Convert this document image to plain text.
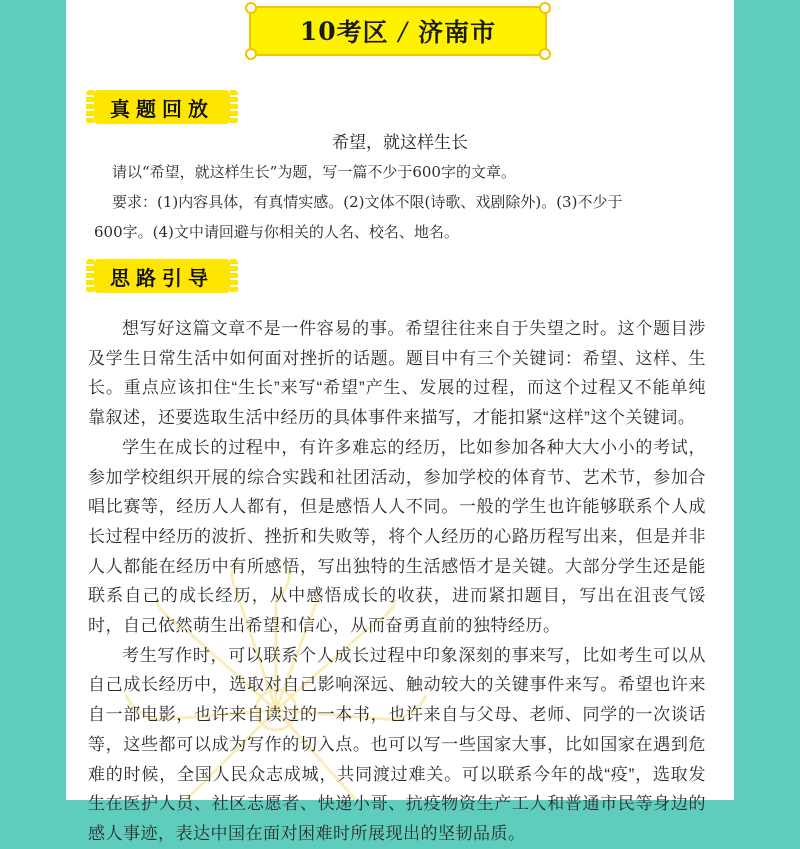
10 考区 / 济南市
真题回放
希望，就这样生长
请以“希望，就这样生长”为题，写一篇不少于600字的文章。
要求：(1)内容具体，有真情实感。(2)文体不限(诗歌、戏剧除外)。(3)不少于
600字。(4)文中请回避与你相关的人名、校名、地名。
思路引导

想写好这篇文章不是一件容易的事。希望往往来自于失望之时。这个题目涉及学生日常生活中如何面对挫折的话题。题目中有三个关键词：希望、这样、生长。重点应该扣住“生长”来写“希望”产生、发展的过程，而这个过程又不能单纯靠叙述，还要选取生活中经历的具体事件来描写，才能扣紧“这样”这个关键词。

学生在成长的过程中，有许多难忘的经历，比如参加各种大大小小的考试，参加学校组织开展的综合实践和社团活动，参加学校的体育节、艺术节，参加合唱比赛等，经历人人都有，但是感悟人人不同。一般的学生也许能够联系个人成长过程中经历的波折、挫折和失败等，将个人经历的心路历程写出来，但是并非人人都能在经历中有所感悟，写出独特的生活感悟才是关键。大部分学生还是能联系自己的成长经历，从中感悟成长的收获，进而紧扣题目，写出在沮丧气馁时，自己依然萌生出希望和信心，从而奋勇直前的独特经历。

考生写作时，可以联系个人成长过程中印象深刻的事来写，比如考生可以从自己成长经历中，选取对自己影响深远、触动较大的关键事件来写。希望也许来自一部电影，也许来自读过的一本书，也许来自与父母、老师、同学的一次谈话等，这些都可以成为写作的切入点。也可以写一些国家大事，比如国家在遇到危难的时候，全国人民众志成城，共同渡过难关。可以联系今年的战“疫”，选取发生在医护人员、社区志愿者、快递小哥、抗疫物资生产工人和普通市民等身边的感人事迹，表达中国在面对困难时所展现出的坚韧品质。
